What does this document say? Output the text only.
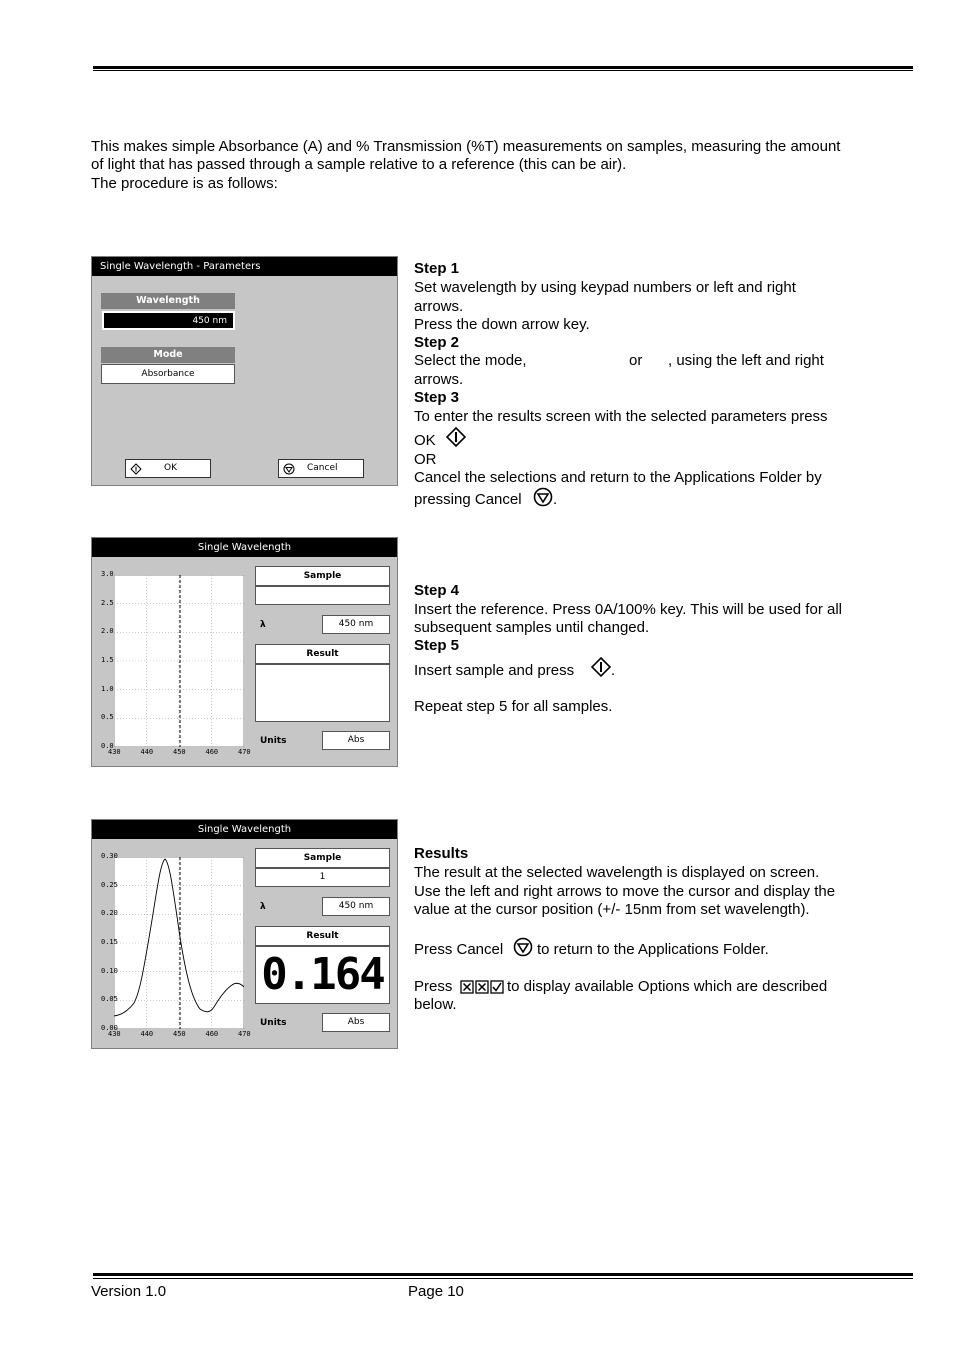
This makes simple Absorbance (A) and % Transmission (%T) measurements on samples, measuring the amount
of light that has passed through a sample relative to a reference (this can be air).
The procedure is as follows:
Single Wavelength - Parameters
Wavelength
450 nm
Mode
Absorbance
OK	Cancel
Step 1
Set wavelength by using keypad numbers or left and right
arrows.
Press the down arrow key.
Step 2
Select the mode,	or , using the left and right
arrows.
Step 3
To enter the results screen with the selected parameters press
OK
OR
Cancel the selections and return to the Applications Folder by
pressing Cancel .
Single Wavelength
Sample
λ	450 nm
Result
Units	Abs
3.0
2.5
2.0
1.5
1.0
0.5
0.0
430	440	450	460	470
Step 4
Insert the reference. Press 0A/100% key. This will be used for all
subsequent samples until changed.
Step 5
Insert sample and press .
Repeat step 5 for all samples.
Single Wavelength
Sample
1
λ	450 nm
Result
0.164
Units	Abs
0.30
0.25
0.20
0.15
0.10
0.05
0.00
430	440	450	460	470
Results
The result at the selected wavelength is displayed on screen.
Use the left and right arrows to move the cursor and display the
value at the cursor position (+/- 15nm from set wavelength).
Press Cancel to return to the Applications Folder.
Press	to display available Options which are described
below.
Version 1.0	Page 10
